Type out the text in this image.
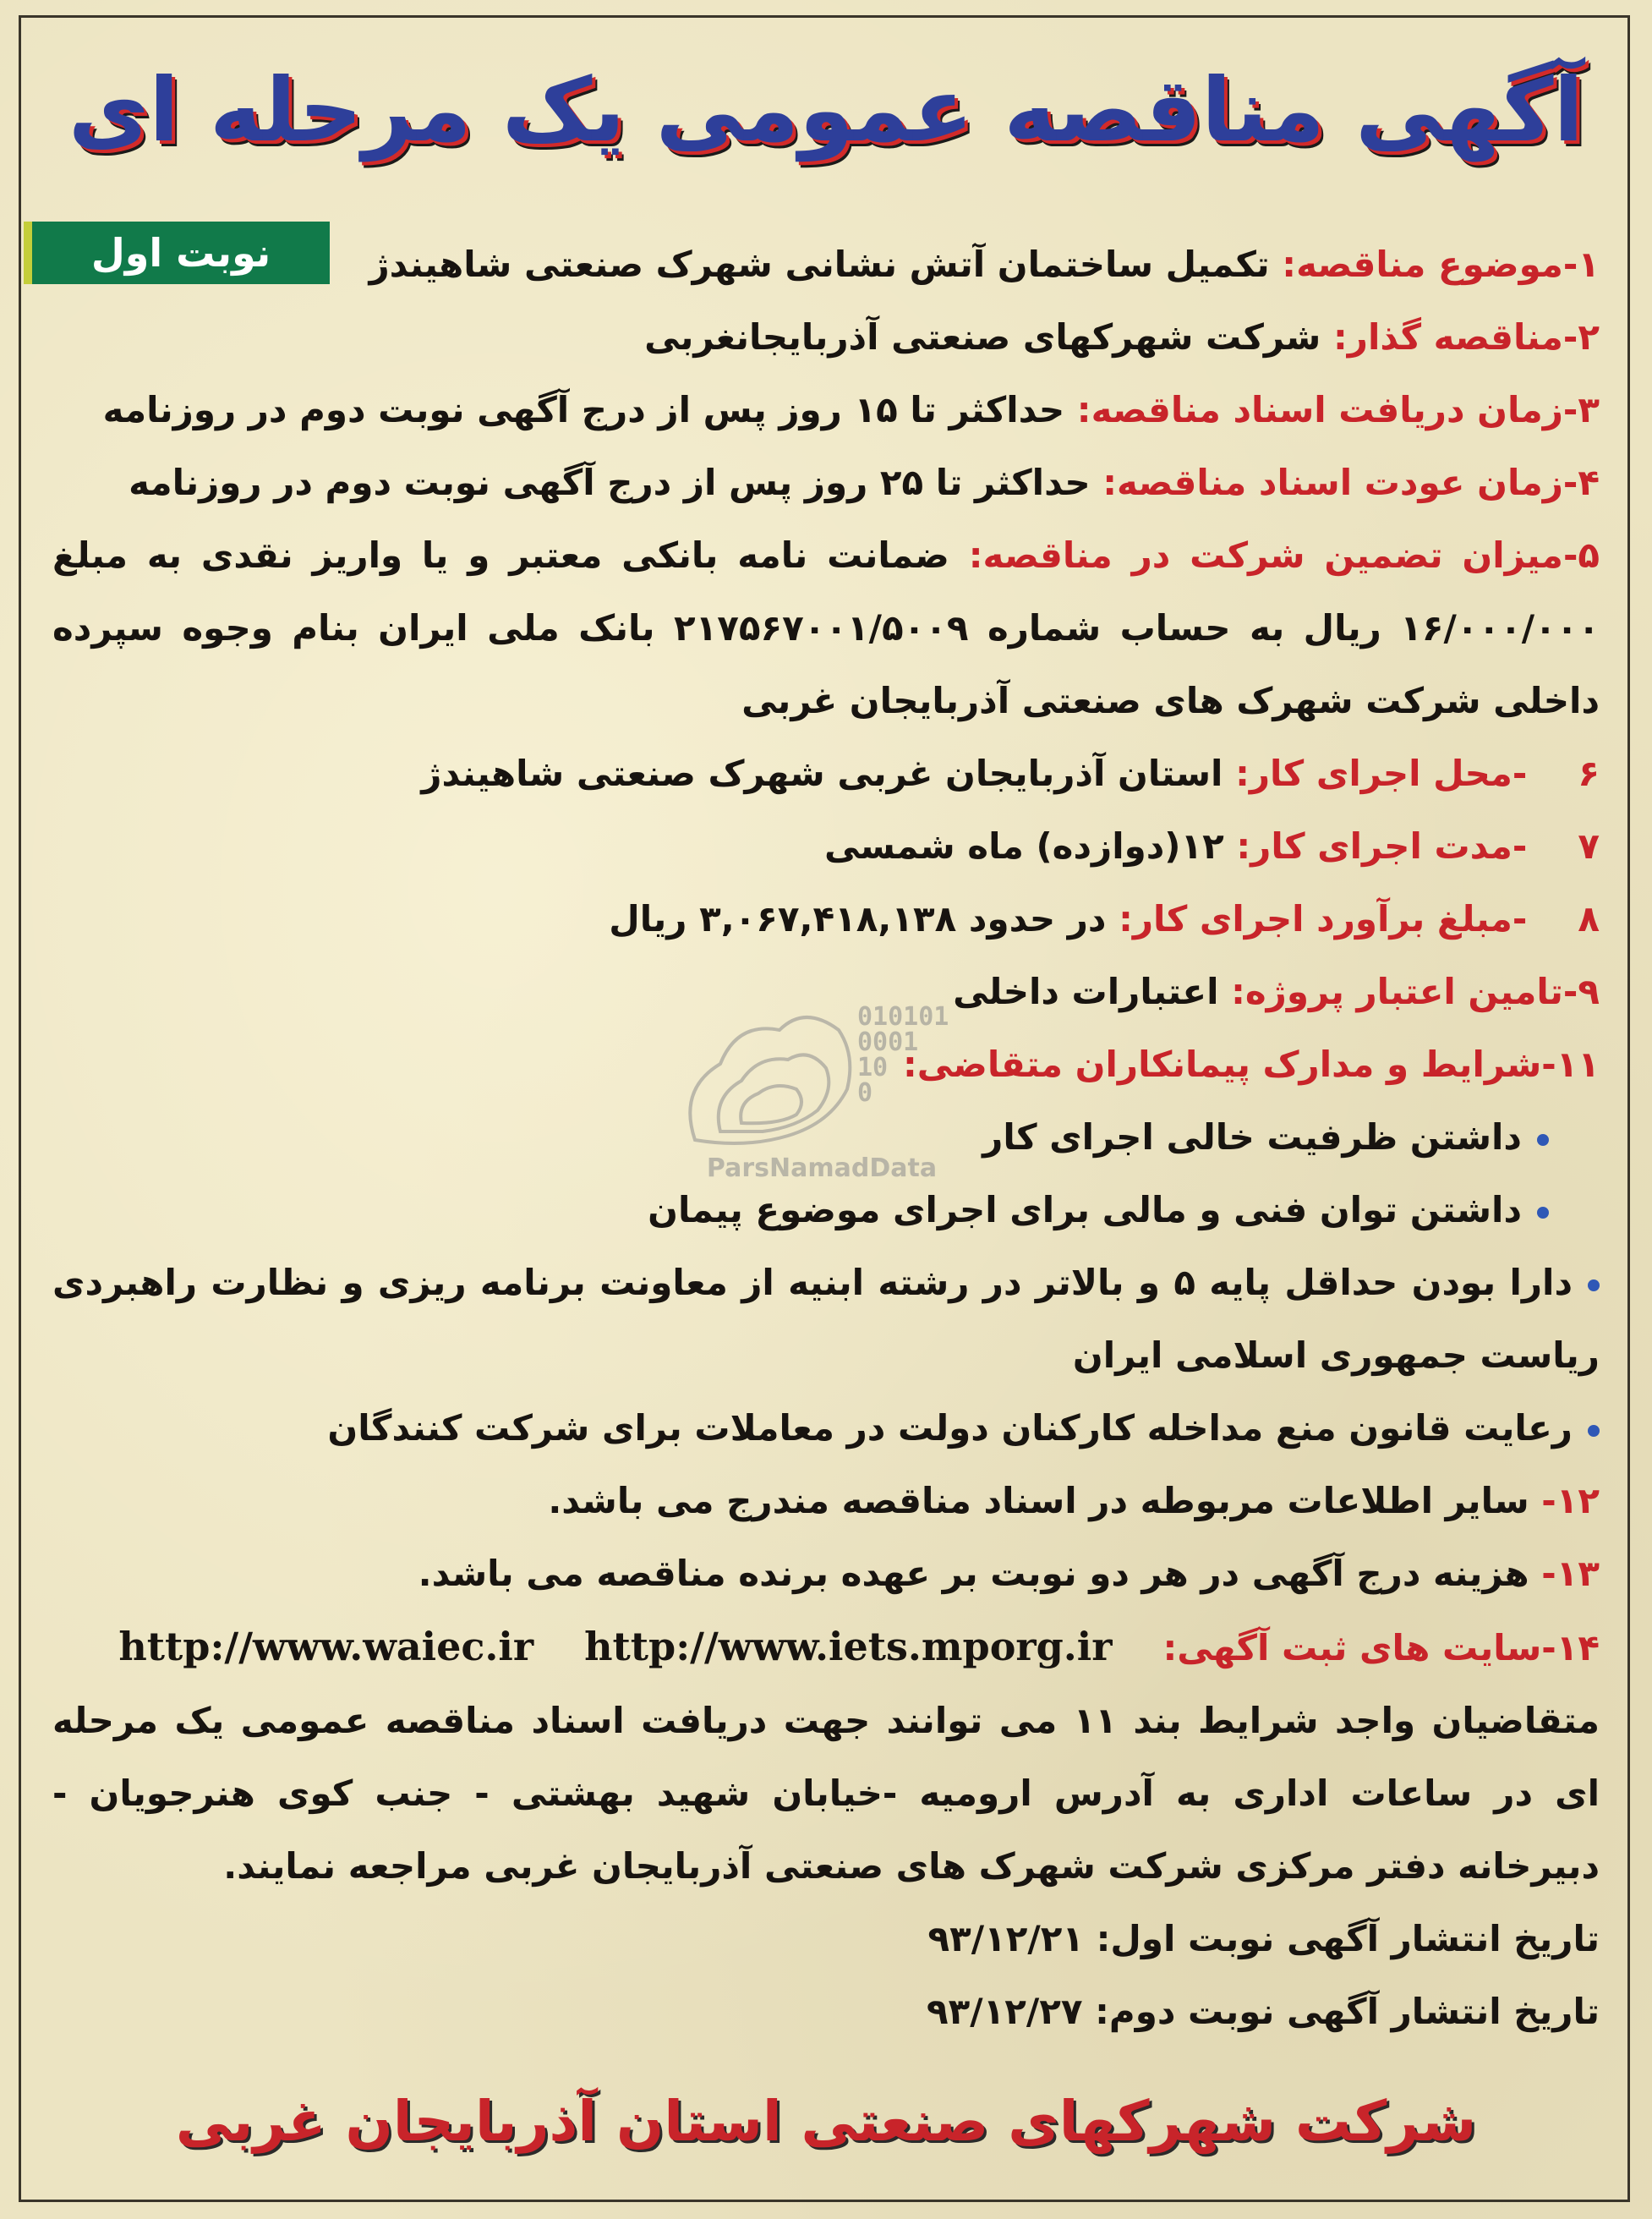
آگهی مناقصه عمومی یک مرحله ای
نوبت اول	۱-موضوع مناقصه: تکمیل ساختمان آتش نشانی شهرک صنعتی شاهیندژ
۲-مناقصه گذار: شرکت شهرکهای صنعتی آذربایجانغربی
۳-زمان دریافت اسناد مناقصه: حداکثر تا ۱۵ روز پس از درج آگهی نوبت دوم در روزنامه
۴-زمان عودت اسناد مناقصه: حداکثر تا ۲۵ روز پس از درج آگهی نوبت دوم در روزنامه
۵-میزان تضمین شرکت در مناقصه: ضمانت نامه بانکی معتبر و یا واریز نقدی به مبلغ ۱۶/۰۰۰/۰۰۰ ریال به حساب شماره ۲۱۷۵۶۷۰۰۱/۵۰۰۹ بانک ملی ایران بنام وجوه سپرده داخلی شرکت شهرک های صنعتی آذربایجان غربی
۶-محل اجرای کار: استان آذربایجان غربی شهرک صنعتی شاهیندژ
۷-مدت اجرای کار: ۱۲(دوازده) ماه شمسی
۸-مبلغ برآورد اجرای کار: در حدود ۳,۰۶۷,۴۱۸,۱۳۸ ریال
۹-تامین اعتبار پروژه: اعتبارات داخلی
۱۱-شرایط و مدارک پیمانکاران متقاضی:
داشتن ظرفیت خالی اجرای کار
داشتن توان فنی و مالی برای اجرای موضوع پیمان
دارا بودن حداقل پایه ۵ و بالاتر در رشته ابنیه از معاونت برنامه ریزی و نظارت راهبردی ریاست جمهوری اسلامی ایران
رعایت قانون منع مداخله کارکنان دولت در معاملات برای شرکت کنندگان
۱۲- سایر اطلاعات مربوطه در اسناد مناقصه مندرج می باشد.
۱۳- هزینه درج آگهی در هر دو نوبت بر عهده برنده مناقصه می باشد.
۱۴-سایت های ثبت آگهی:
http://www.iets.mporg.ir
http://www.waiec.ir
متقاضیان واجد شرایط بند ۱۱ می توانند جهت دریافت اسناد مناقصه عمومی یک مرحله ای در ساعات اداری به آدرس ارومیه -خیابان شهید بهشتی - جنب کوی هنرجویان - دبیرخانه دفتر مرکزی شرکت شهرک های صنعتی آذربایجان غربی مراجعه نمایند.
تاریخ انتشار آگهی نوبت اول: ۹۳/۱۲/۲۱
تاریخ انتشار آگهی نوبت دوم: ۹۳/۱۲/۲۷
010101
0001
10
0
ParsNamadData
شرکت شهرکهای صنعتی استان آذربایجان غربی
